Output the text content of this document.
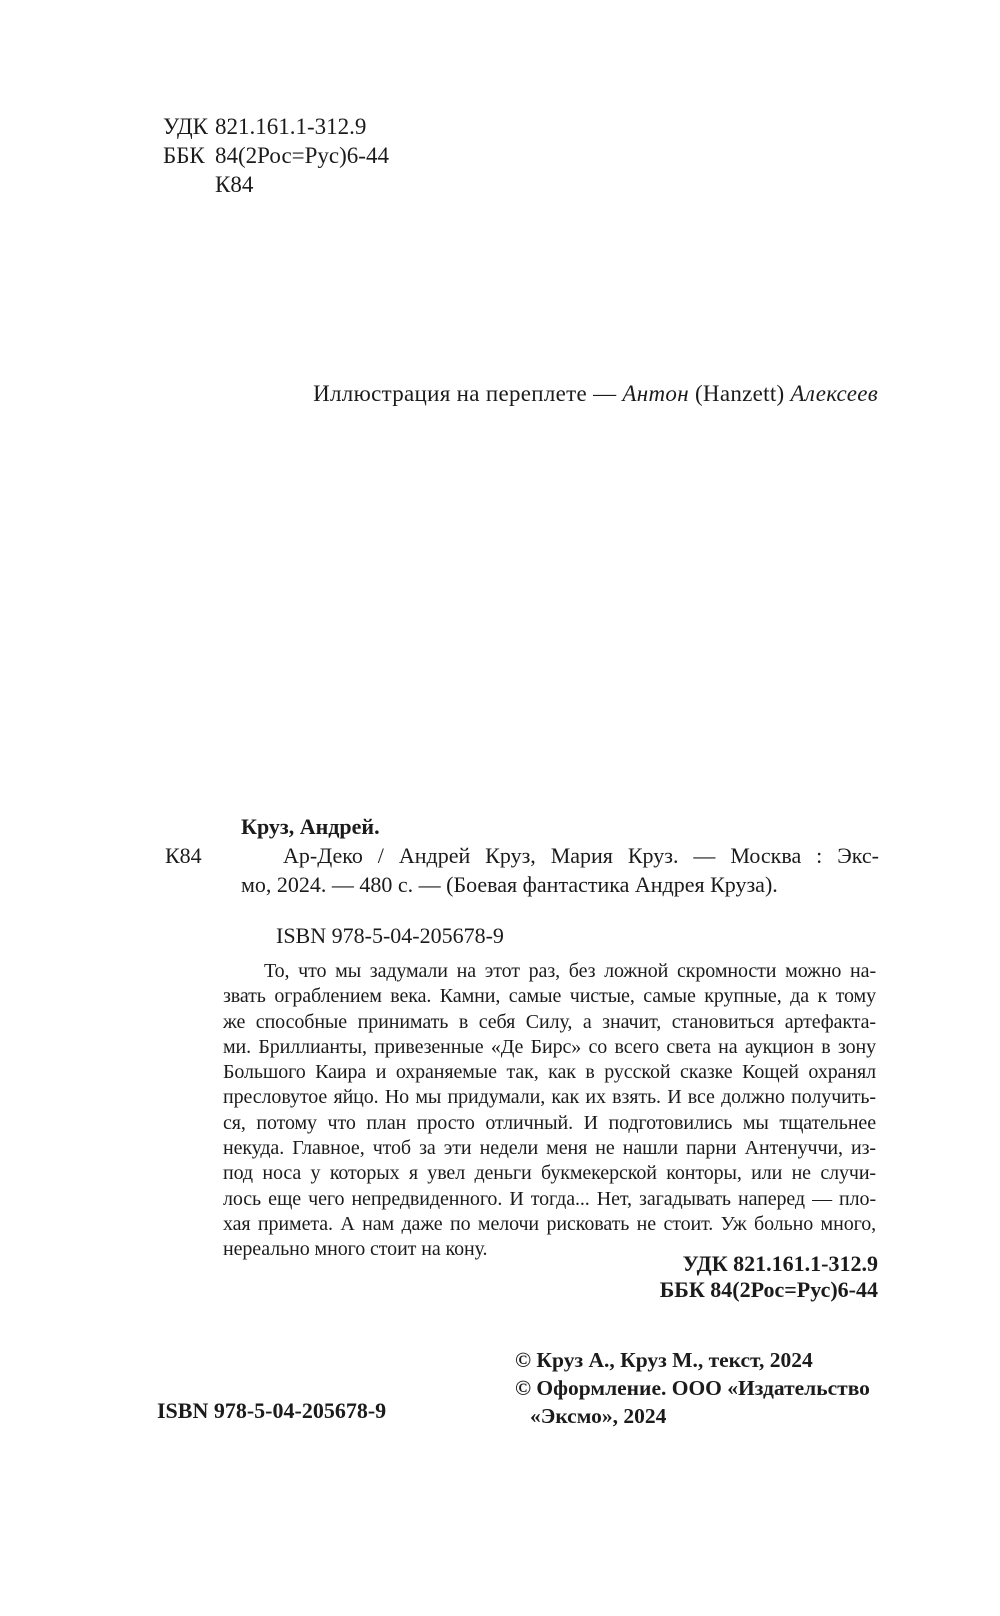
УДК 821.161.1-312.9
ББК 84(2Рос=Рус)6-44
К84
Иллюстрация на переплете — Антон (Hanzett) Алексеев
Круз, Андрей.
К84	Ар-Деко / Андрей Круз, Мария Круз. — Москва : Экс-
мо, 2024. — 480 с. — (Боевая фантастика Андрея Круза).
ISBN 978-5-04-205678-9
То, что мы задумали на этот раз, без ложной скромности можно на-
звать ограблением века. Камни, самые чистые, самые крупные, да к тому
же способные принимать в себя Силу, а значит, становиться артефакта-
ми. Бриллианты, привезенные «Де Бирс» со всего света на аукцион в зону
Большого Каира и охраняемые так, как в русской сказке Кощей охранял
пресловутое яйцо. Но мы придумали, как их взять. И все должно получить-
ся, потому что план просто отличный. И подготовились мы тщательнее
некуда. Главное, чтоб за эти недели меня не нашли парни Антенуччи, из-
под носа у которых я увел деньги букмекерской конторы, или не случи-
лось еще чего непредвиденного. И тогда... Нет, загадывать наперед — пло-
хая примета. А нам даже по мелочи рисковать не стоит. Уж больно много,
нереально много стоит на кону.
УДК 821.161.1-312.9
ББК 84(2Рос=Рус)6-44
ISBN 978-5-04-205678-9
© Круз А., Круз М., текст, 2024
© Оформление. ООО «Издательство
«Эксмо», 2024
